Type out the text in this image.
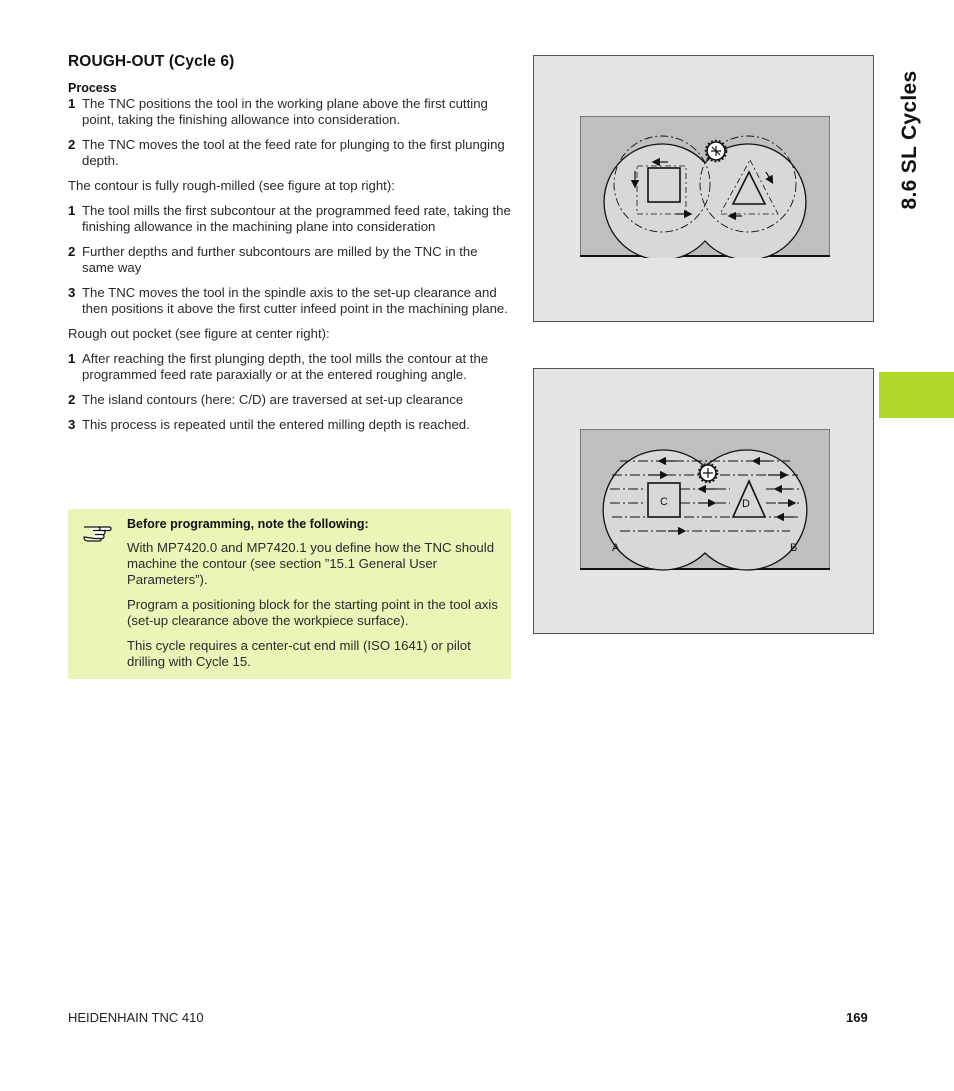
ROUGH-OUT (Cycle 6)
Process
1 The TNC positions the tool in the working plane above the first cutting point, taking the finishing allowance into consideration.
2 The TNC moves the tool at the feed rate for plunging to the first plunging depth.
The contour is fully rough-milled (see figure at top right):
1 The tool mills the first subcontour at the programmed feed rate, taking the finishing allowance in the machining plane into consideration
2 Further depths and further subcontours are milled by the TNC in the same way
3 The TNC moves the tool in the spindle axis to the set-up clearance and then positions it above the first cutter infeed point in the machining plane.
Rough out pocket (see figure at center right):
1 After reaching the first plunging depth, the tool mills the contour at the programmed feed rate paraxially or at the entered roughing angle.
2 The island contours (here: C/D) are traversed at set-up clearance
3 This process is repeated until the entered milling depth is reached.
Before programming, note the following:
With MP7420.0 and MP7420.1 you define how the TNC should machine the contour (see section ”15.1 General User Parameters”).
Program a positioning block for the starting point in the tool axis (set-up clearance above the workpiece surface).
This cycle requires a center-cut end mill (ISO 1641) or pilot drilling with Cycle 15.
C	D
A	B
8.6 SL Cycles
HEIDENHAIN TNC 410	169
